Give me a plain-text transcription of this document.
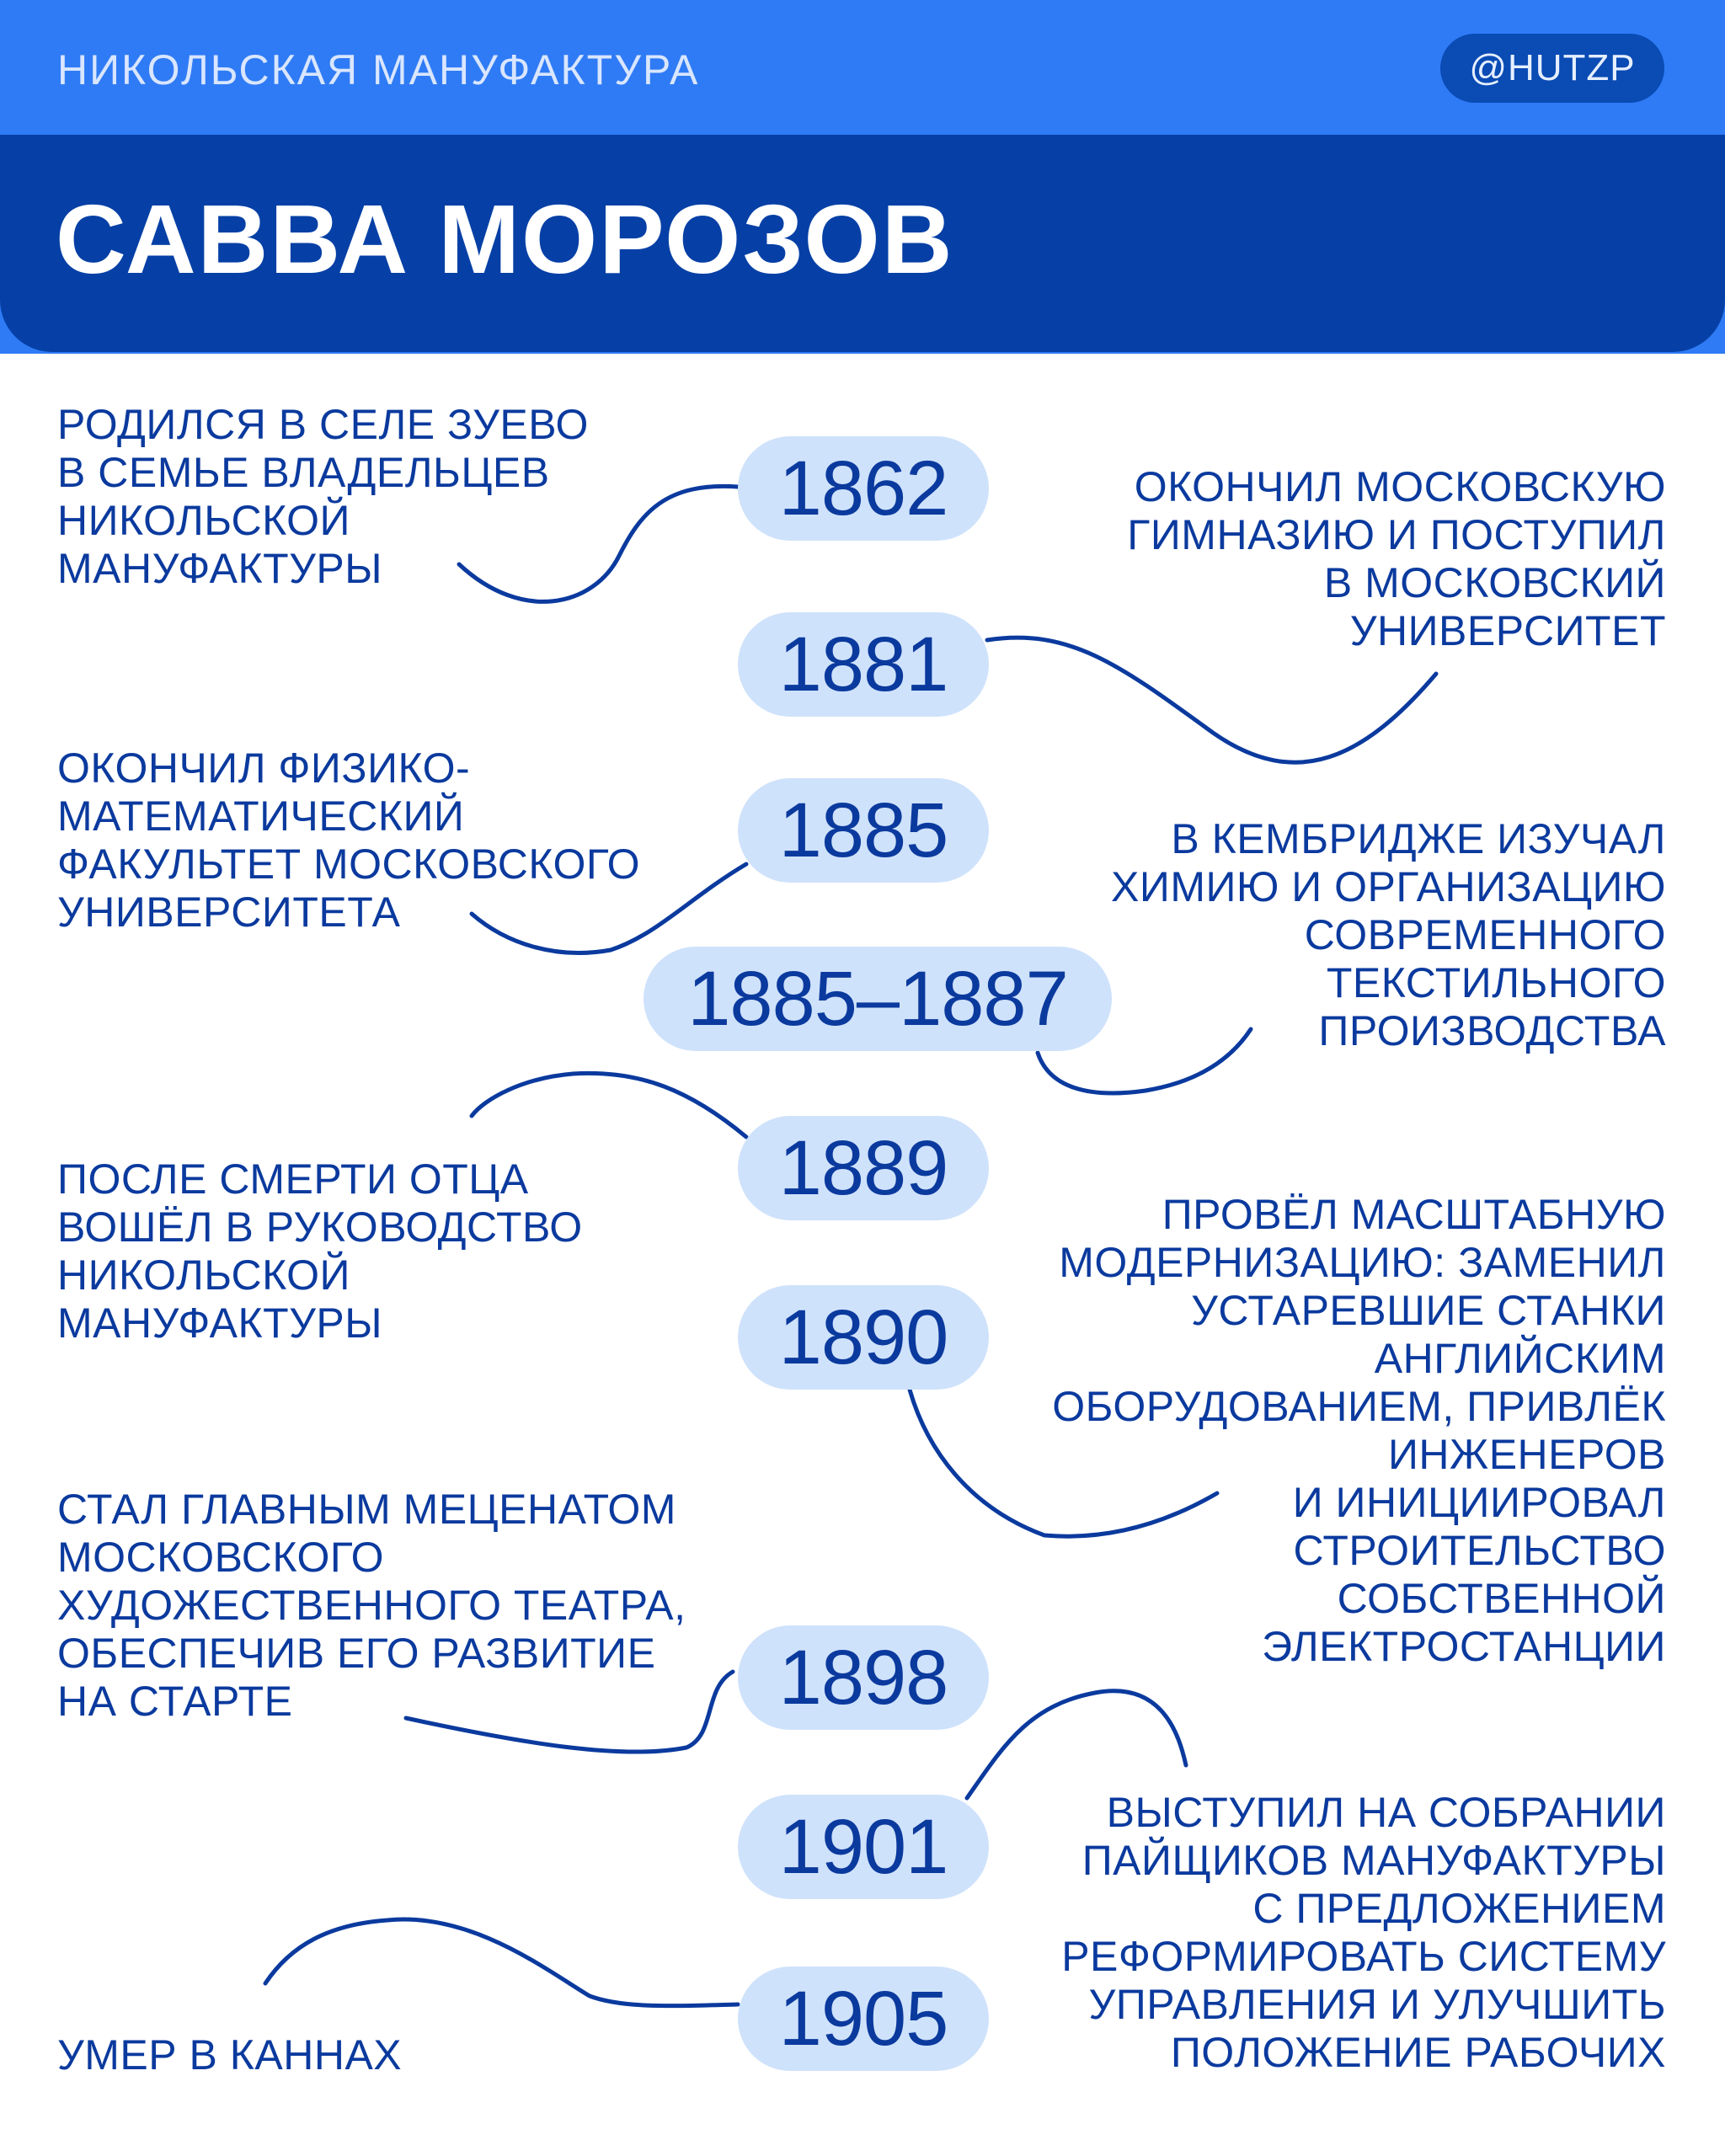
НИКОЛЬСКАЯ МАНУФАКТУРА	@HUTZP
САВВА МОРОЗОВ
1862
1881
1885
1885–1887
1889
1890
1898
1901
1905
РОДИЛСЯ В СЕЛЕ ЗУЕВО
В СЕМЬЕ ВЛАДЕЛЬЦЕВ
НИКОЛЬСКОЙ
МАНУФАКТУРЫ
ОКОНЧИЛ МОСКОВСКУЮ
ГИМНАЗИЮ И ПОСТУПИЛ
В МОСКОВСКИЙ
УНИВЕРСИТЕТ
ОКОНЧИЛ ФИЗИКО-
МАТЕМАТИЧЕСКИЙ
ФАКУЛЬТЕТ МОСКОВСКОГО
УНИВЕРСИТЕТА
В КЕМБРИДЖЕ ИЗУЧАЛ
ХИМИЮ И ОРГАНИЗАЦИЮ
СОВРЕМЕННОГО
ТЕКСТИЛЬНОГО
ПРОИЗВОДСТВА
ПОСЛЕ СМЕРТИ ОТЦА
ВОШЁЛ В РУКОВОДСТВО
НИКОЛЬСКОЙ
МАНУФАКТУРЫ
ПРОВЁЛ МАСШТАБНУЮ
МОДЕРНИЗАЦИЮ: ЗАМЕНИЛ
УСТАРЕВШИЕ СТАНКИ
АНГЛИЙСКИМ
ОБОРУДОВАНИЕМ, ПРИВЛЁК
ИНЖЕНЕРОВ
И ИНИЦИИРОВАЛ
СТРОИТЕЛЬСТВО
СОБСТВЕННОЙ
ЭЛЕКТРОСТАНЦИИ
СТАЛ ГЛАВНЫМ МЕЦЕНАТОМ
МОСКОВСКОГО
ХУДОЖЕСТВЕННОГО ТЕАТРА,
ОБЕСПЕЧИВ ЕГО РАЗВИТИЕ
НА СТАРТЕ
ВЫСТУПИЛ НА СОБРАНИИ
ПАЙЩИКОВ МАНУФАКТУРЫ
С ПРЕДЛОЖЕНИЕМ
РЕФОРМИРОВАТЬ СИСТЕМУ
УПРАВЛЕНИЯ И УЛУЧШИТЬ
ПОЛОЖЕНИЕ РАБОЧИХ
УМЕР В КАННАХ
